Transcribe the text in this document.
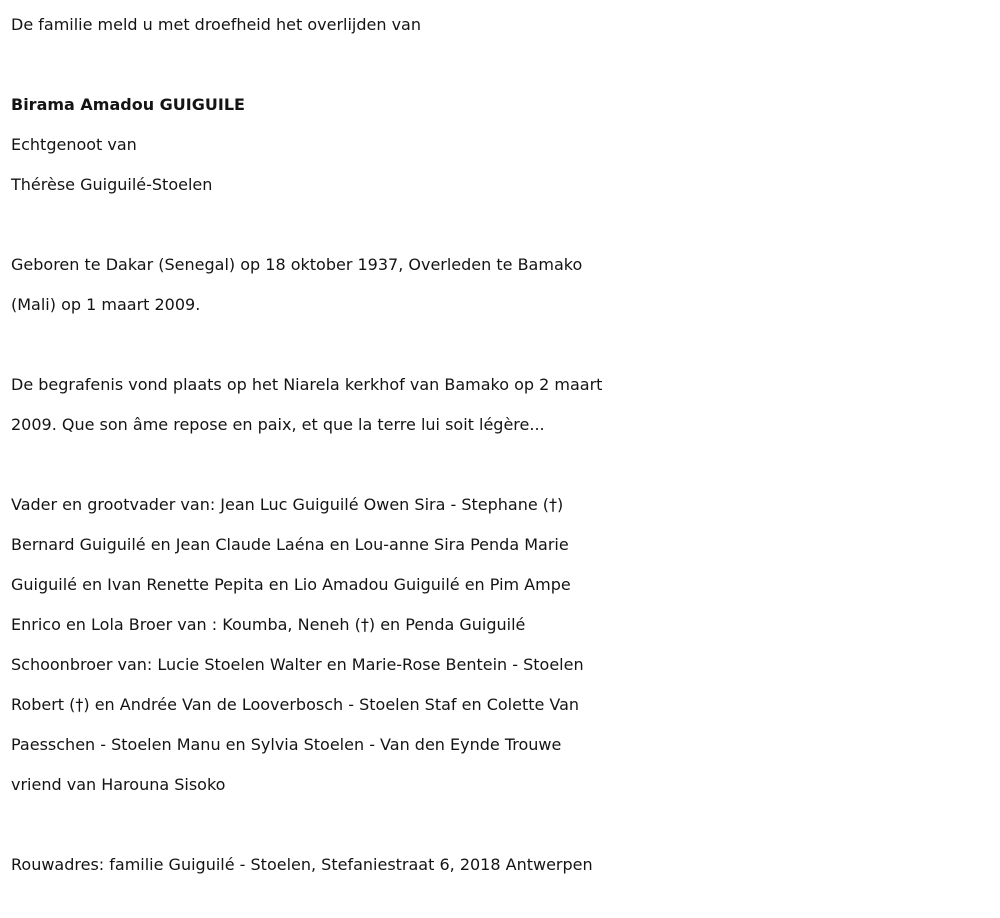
De familie meld u met droefheid het overlijden van

Birama Amadou GUIGUILE

Echtgenoot van

Thérèse Guiguilé-Stoelen

Geboren te Dakar (Senegal) op 18 oktober 1937, Overleden te Bamako

(Mali) op 1 maart 2009.

De begrafenis vond plaats op het Niarela kerkhof van Bamako op 2 maart

2009. Que son âme repose en paix, et que la terre lui soit légère...

Vader en grootvader van: Jean Luc Guiguilé Owen Sira - Stephane (†)

Bernard Guiguilé en Jean Claude Laéna en Lou-anne Sira Penda Marie

Guiguilé en Ivan Renette Pepita en Lio Amadou Guiguilé en Pim Ampe

Enrico en Lola Broer van : Koumba, Neneh (†) en Penda Guiguilé

Schoonbroer van: Lucie Stoelen Walter en Marie-Rose Bentein - Stoelen

Robert (†) en Andrée Van de Looverbosch - Stoelen Staf en Colette Van

Paesschen - Stoelen Manu en Sylvia Stoelen - Van den Eynde Trouwe

vriend van Harouna Sisoko

Rouwadres: familie Guiguilé - Stoelen, Stefaniestraat 6, 2018 Antwerpen
